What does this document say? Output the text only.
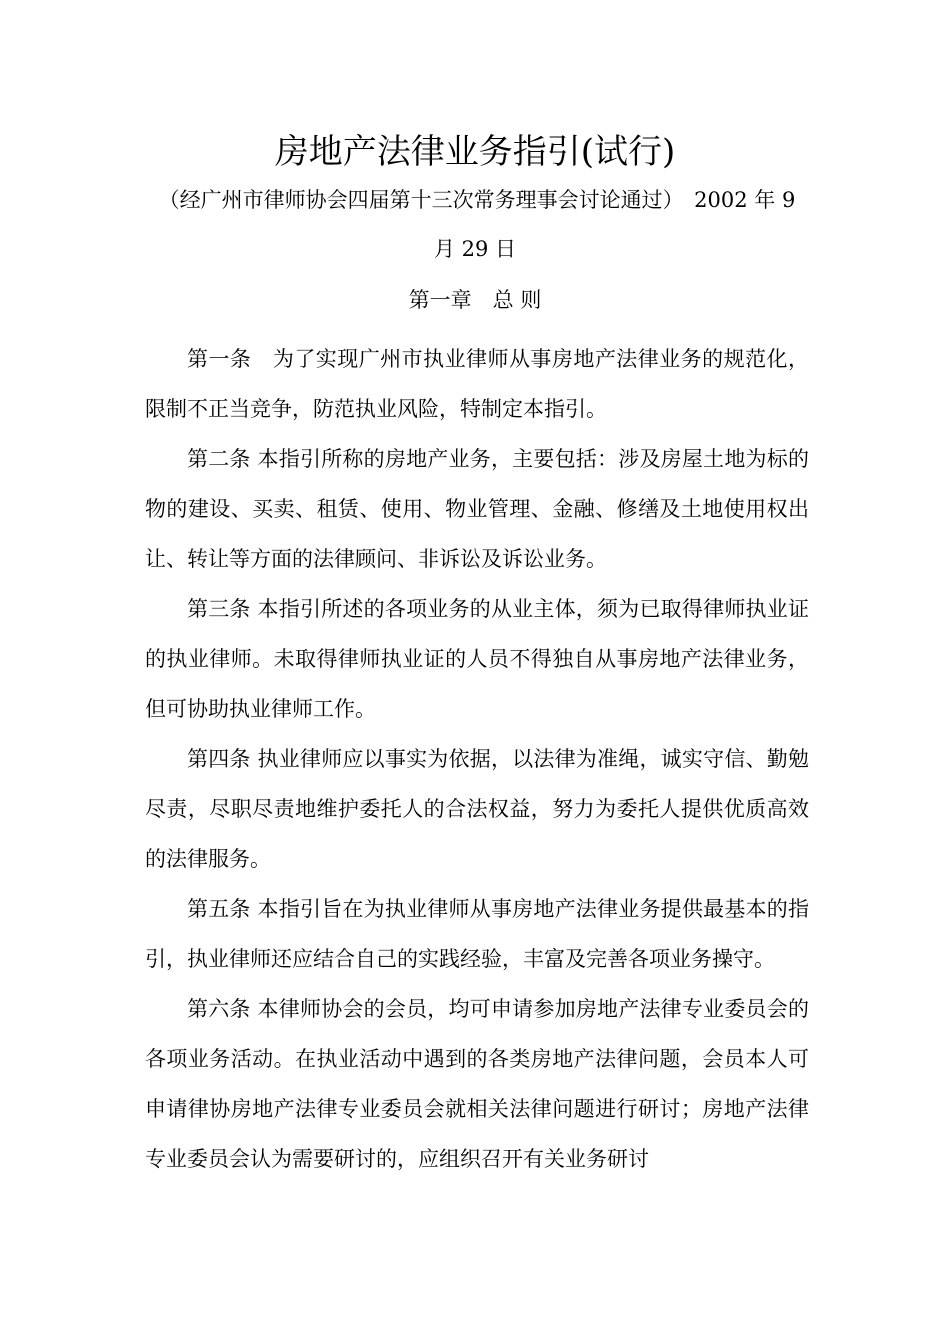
房地产法律业务指引(试行)
（经广州市律师协会四届第十三次常务理事会讨论通过）　2002 年 9
月 29 日
第一章　总 则

第一条　为了实现广州市执业律师从事房地产法律业务的规范化，限制不正当竞争，防范执业风险，特制定本指引。

第二条 本指引所称的房地产业务，主要包括：涉及房屋土地为标的物的建设、买卖、租赁、使用、物业管理、金融、修缮及土地使用权出让、转让等方面的法律顾问、非诉讼及诉讼业务。

第三条 本指引所述的各项业务的从业主体，须为已取得律师执业证的执业律师。未取得律师执业证的人员不得独自从事房地产法律业务，但可协助执业律师工作。

第四条 执业律师应以事实为依据，以法律为准绳，诚实守信、勤勉尽责，尽职尽责地维护委托人的合法权益，努力为委托人提供优质高效的法律服务。

第五条 本指引旨在为执业律师从事房地产法律业务提供最基本的指引，执业律师还应结合自己的实践经验，丰富及完善各项业务操守。

第六条 本律师协会的会员，均可申请参加房地产法律专业委员会的各项业务活动。在执业活动中遇到的各类房地产法律问题，会员本人可申请律协房地产法律专业委员会就相关法律问题进行研讨；房地产法律专业委员会认为需要研讨的，应组织召开有关业务研讨
